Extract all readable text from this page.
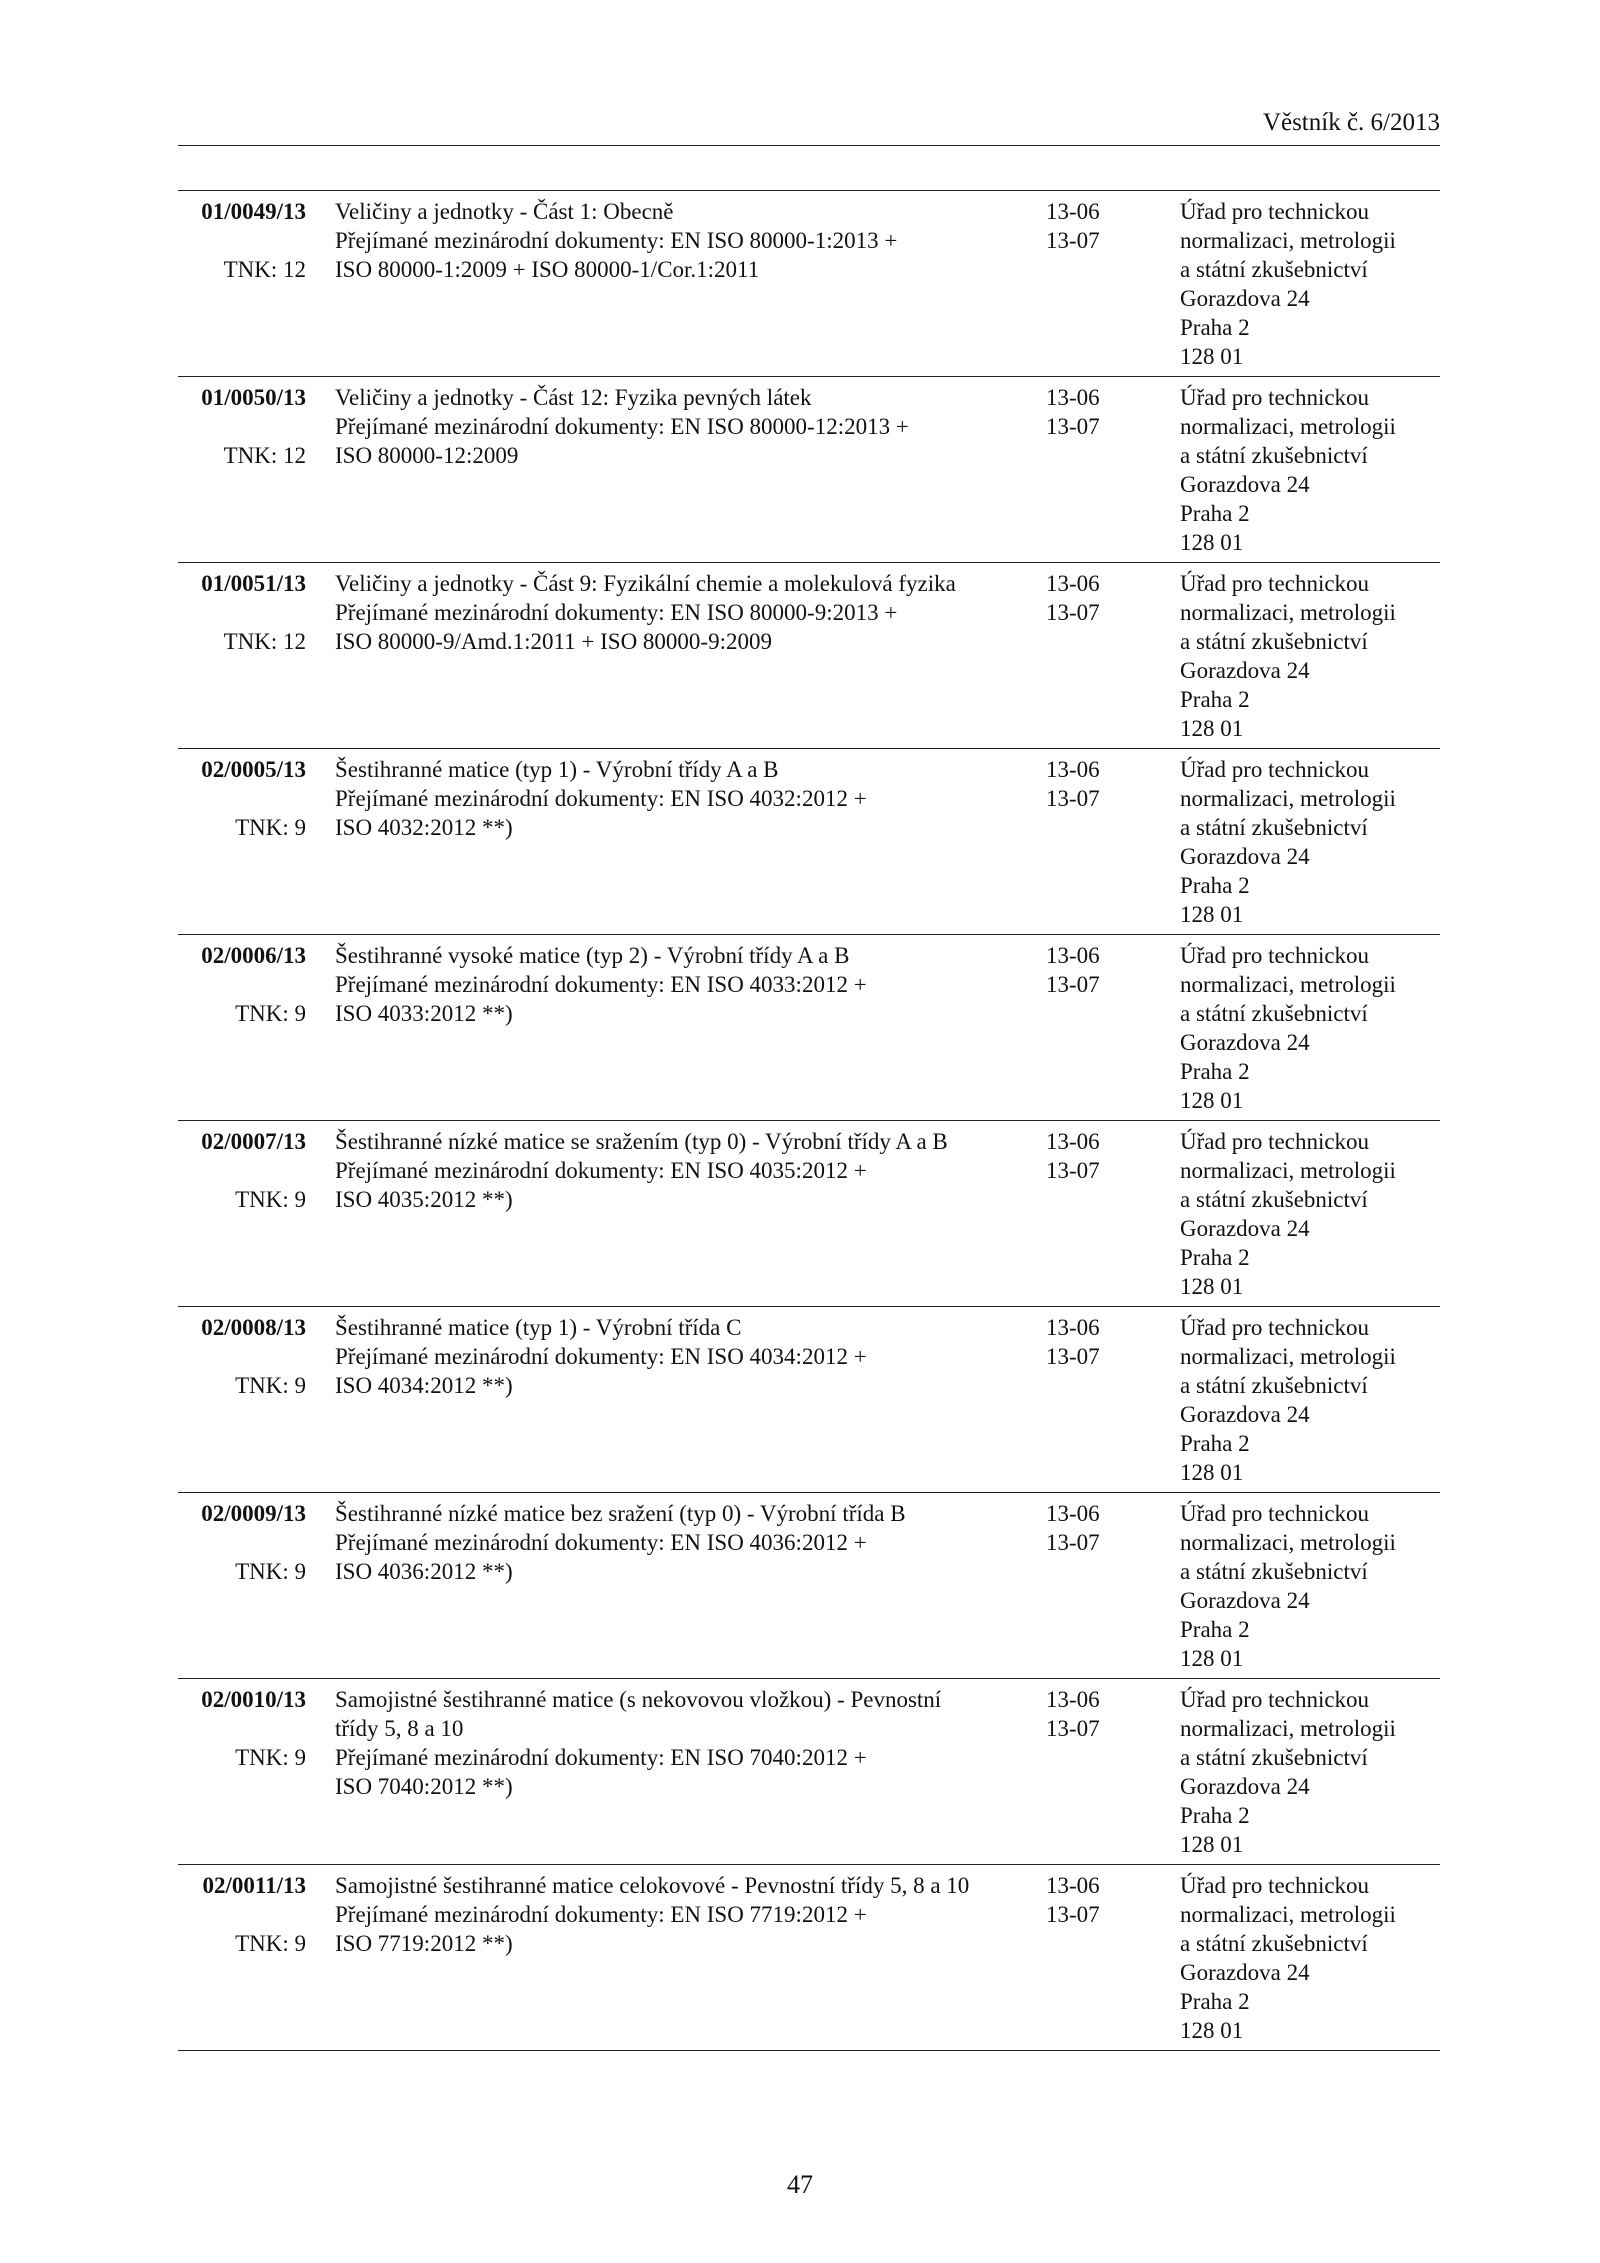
Věstník č. 6/2013
01/0049/13
TNK: 12
Veličiny a jednotky - Část 1: Obecně
Přejímané mezinárodní dokumenty: EN ISO 80000-1:2013 +
ISO 80000-1:2009 + ISO 80000-1/Cor.1:2011
13-06
13-07
Úřad pro technickou
normalizaci, metrologii
a státní zkušebnictví
Gorazdova 24
Praha 2
128 01
01/0050/13
TNK: 12
Veličiny a jednotky - Část 12: Fyzika pevných látek
Přejímané mezinárodní dokumenty: EN ISO 80000-12:2013 +
ISO 80000-12:2009
13-06
13-07
Úřad pro technickou
normalizaci, metrologii
a státní zkušebnictví
Gorazdova 24
Praha 2
128 01
01/0051/13
TNK: 12
Veličiny a jednotky - Část 9: Fyzikální chemie a molekulová fyzika
Přejímané mezinárodní dokumenty: EN ISO 80000-9:2013 +
ISO 80000-9/Amd.1:2011 + ISO 80000-9:2009
13-06
13-07
Úřad pro technickou
normalizaci, metrologii
a státní zkušebnictví
Gorazdova 24
Praha 2
128 01
02/0005/13
TNK: 9
Šestihranné matice (typ 1) - Výrobní třídy A a B
Přejímané mezinárodní dokumenty: EN ISO 4032:2012 +
ISO 4032:2012 **)
13-06
13-07
Úřad pro technickou
normalizaci, metrologii
a státní zkušebnictví
Gorazdova 24
Praha 2
128 01
02/0006/13
TNK: 9
Šestihranné vysoké matice (typ 2) - Výrobní třídy A a B
Přejímané mezinárodní dokumenty: EN ISO 4033:2012 +
ISO 4033:2012 **)
13-06
13-07
Úřad pro technickou
normalizaci, metrologii
a státní zkušebnictví
Gorazdova 24
Praha 2
128 01
02/0007/13
TNK: 9
Šestihranné nízké matice se sražením (typ 0) - Výrobní třídy A a B
Přejímané mezinárodní dokumenty: EN ISO 4035:2012 +
ISO 4035:2012 **)
13-06
13-07
Úřad pro technickou
normalizaci, metrologii
a státní zkušebnictví
Gorazdova 24
Praha 2
128 01
02/0008/13
TNK: 9
Šestihranné matice (typ 1) - Výrobní třída C
Přejímané mezinárodní dokumenty: EN ISO 4034:2012 +
ISO 4034:2012 **)
13-06
13-07
Úřad pro technickou
normalizaci, metrologii
a státní zkušebnictví
Gorazdova 24
Praha 2
128 01
02/0009/13
TNK: 9
Šestihranné nízké matice bez sražení (typ 0) - Výrobní třída B
Přejímané mezinárodní dokumenty: EN ISO 4036:2012 +
ISO 4036:2012 **)
13-06
13-07
Úřad pro technickou
normalizaci, metrologii
a státní zkušebnictví
Gorazdova 24
Praha 2
128 01
02/0010/13
TNK: 9
Samojistné šestihranné matice (s nekovovou vložkou) - Pevnostní
třídy 5, 8 a 10
Přejímané mezinárodní dokumenty: EN ISO 7040:2012 +
ISO 7040:2012 **)
13-06
13-07
Úřad pro technickou
normalizaci, metrologii
a státní zkušebnictví
Gorazdova 24
Praha 2
128 01
02/0011/13
TNK: 9
Samojistné šestihranné matice celokovové - Pevnostní třídy 5, 8 a 10
Přejímané mezinárodní dokumenty: EN ISO 7719:2012 +
ISO 7719:2012 **)
13-06
13-07
Úřad pro technickou
normalizaci, metrologii
a státní zkušebnictví
Gorazdova 24
Praha 2
128 01
47
